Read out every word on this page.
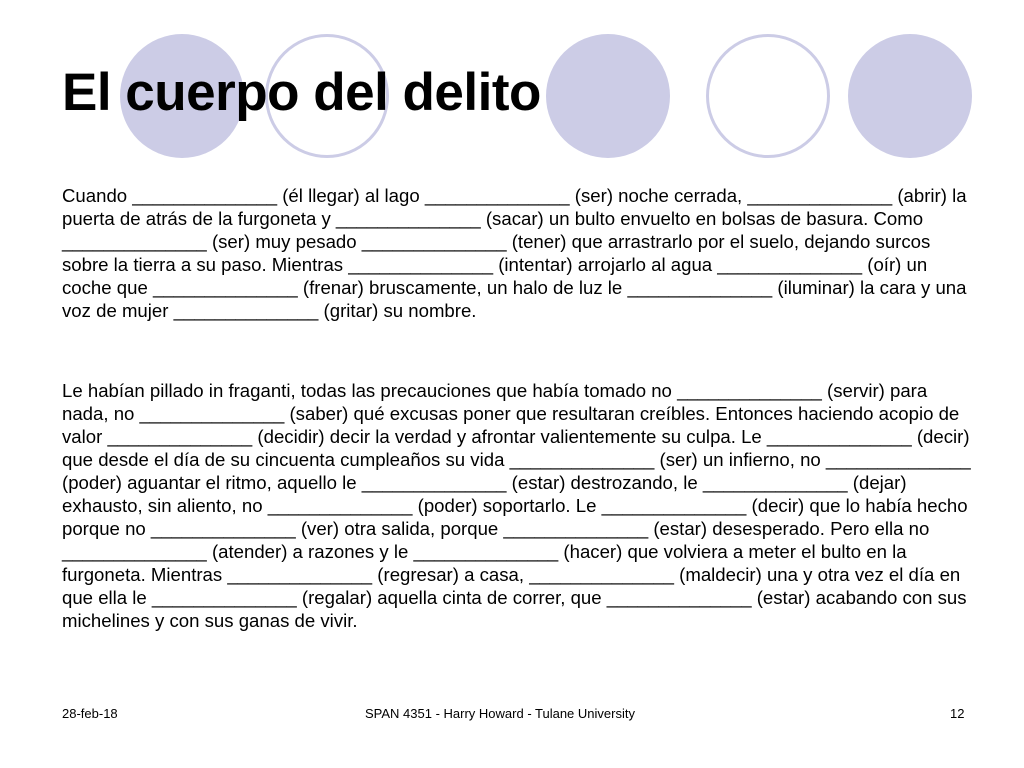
El cuerpo del delito

Cuando ______________ (él llegar) al lago ______________ (ser) noche cerrada, ______________ (abrir) la puerta de atrás de la furgoneta y ______________ (sacar) un bulto envuelto en bolsas de basura. Como ______________ (ser) muy pesado ______________ (tener) que arrastrarlo por el suelo, dejando surcos sobre la tierra a su paso. Mientras ______________ (intentar) arrojarlo al agua ______________ (oír) un coche que ______________ (frenar) bruscamente, un halo de luz le ______________ (iluminar) la cara y una voz de mujer ______________ (gritar) su nombre.

Le habían pillado in fraganti, todas las precauciones que había tomado no ______________ (servir) para nada, no ______________ (saber) qué excusas poner que resultaran creíbles. Entonces haciendo acopio de valor ______________ (decidir) decir la verdad y afrontar valientemente su culpa. Le ______________ (decir) que desde el día de su cincuenta cumpleaños su vida ______________ (ser) un infierno, no ______________ (poder) aguantar el ritmo, aquello le ______________ (estar) destrozando, le ______________ (dejar) exhausto, sin aliento, no ______________ (poder) soportarlo. Le ______________ (decir) que lo había hecho porque no ______________ (ver) otra salida, porque ______________ (estar) desesperado. Pero ella no ______________ (atender) a razones y le ______________ (hacer) que volviera a meter el bulto en la furgoneta. Mientras ______________ (regresar) a casa, ______________ (maldecir) una y otra vez el día en que ella le ______________ (regalar) aquella cinta de correr, que ______________ (estar) acabando con sus michelines y con sus ganas de vivir.

28-feb-18	SPAN 4351 - Harry Howard - Tulane University	12
